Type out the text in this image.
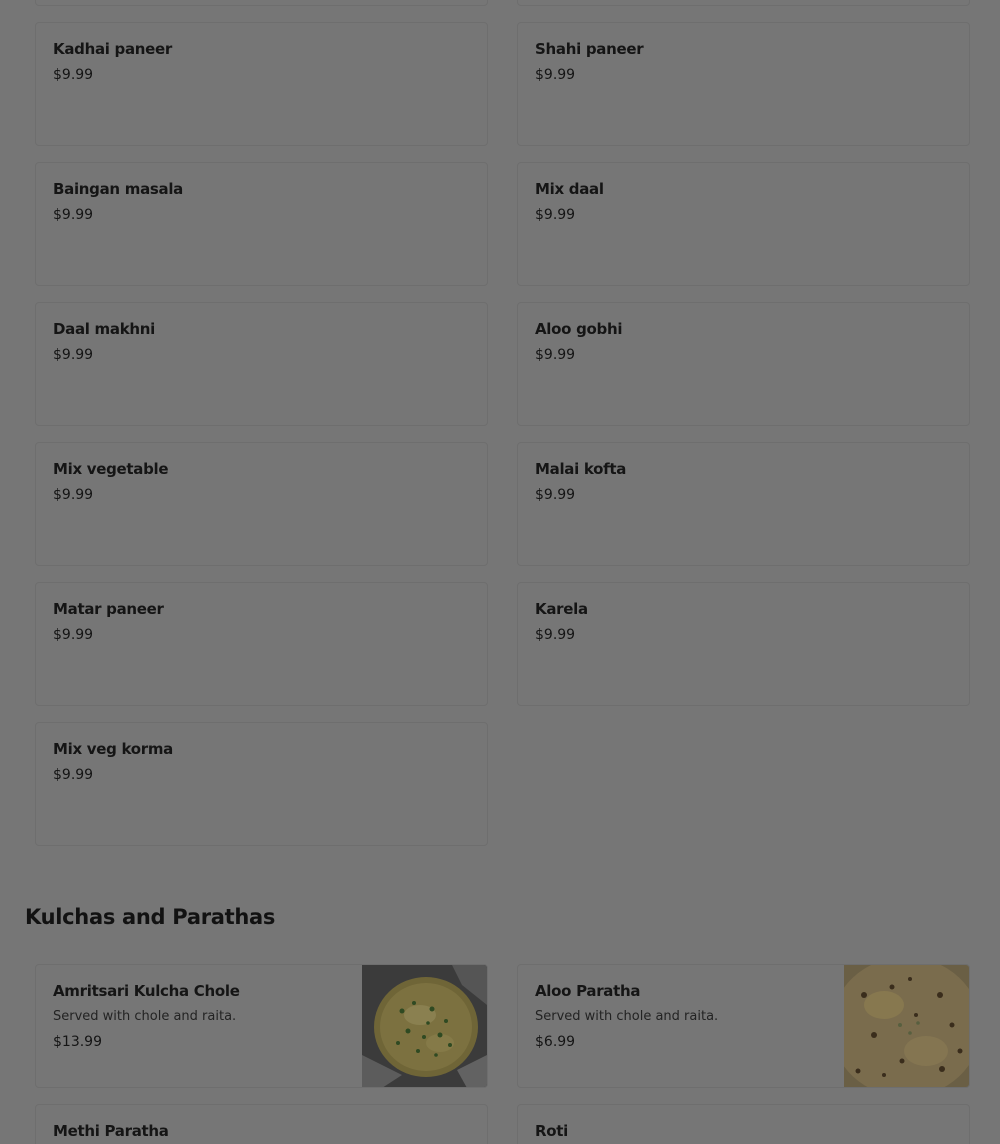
Kadhai paneer
$9.99
Shahi paneer
$9.99
Baingan masala
$9.99
Mix daal
$9.99
Daal makhni
$9.99
Aloo gobhi
$9.99
Mix vegetable
$9.99
Malai kofta
$9.99
Matar paneer
$9.99
Karela
$9.99
Mix veg korma
$9.99
Kulchas and Parathas
Amritsari Kulcha Chole
Served with chole and raita.
$13.99
Aloo Paratha
Served with chole and raita.
$6.99
Methi Paratha	Roti
